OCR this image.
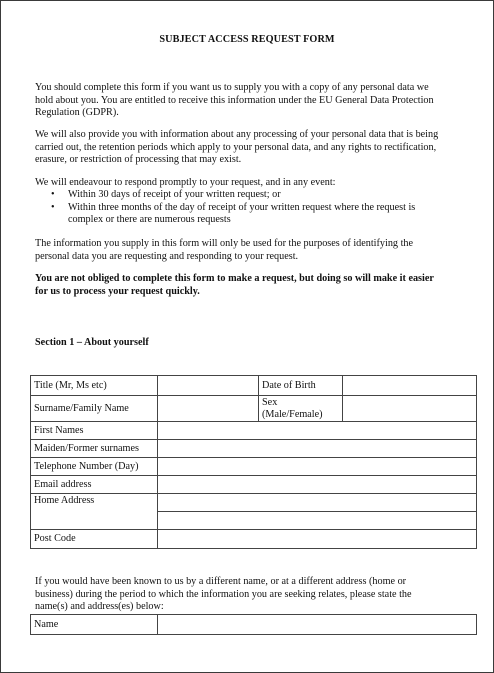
SUBJECT ACCESS REQUEST FORM
You should complete this form if you want us to supply you with a copy of any personal data we hold about you. You are entitled to receive this information under the EU General Data Protection Regulation (GDPR).
We will also provide you with information about any processing of your personal data that is being carried out, the retention periods which apply to your personal data, and any rights to rectification, erasure, or restriction of processing that may exist.
We will endeavour to respond promptly to your request, and in any event:
• Within 30 days of receipt of your written request; or
• Within three months of the day of receipt of your written request where the request is complex or there are numerous requests
The information you supply in this form will only be used for the purposes of identifying the personal data you are requesting and responding to your request.
You are not obliged to complete this form to make a request, but doing so will make it easier for us to process your request quickly.
Section 1 – About yourself
Title (Mr, Ms etc)		Date of Birth	
Surname/Family Name		Sex
(Male/Female)	
First Names			
Maiden/Former surnames			
Telephone Number (Day)			
Email address			
Home Address			

Post Code			
If you would have been known to us by a different name, or at a different address (home or business) during the period to which the information you are seeking relates, please state the name(s) and address(es) below:
Name	
